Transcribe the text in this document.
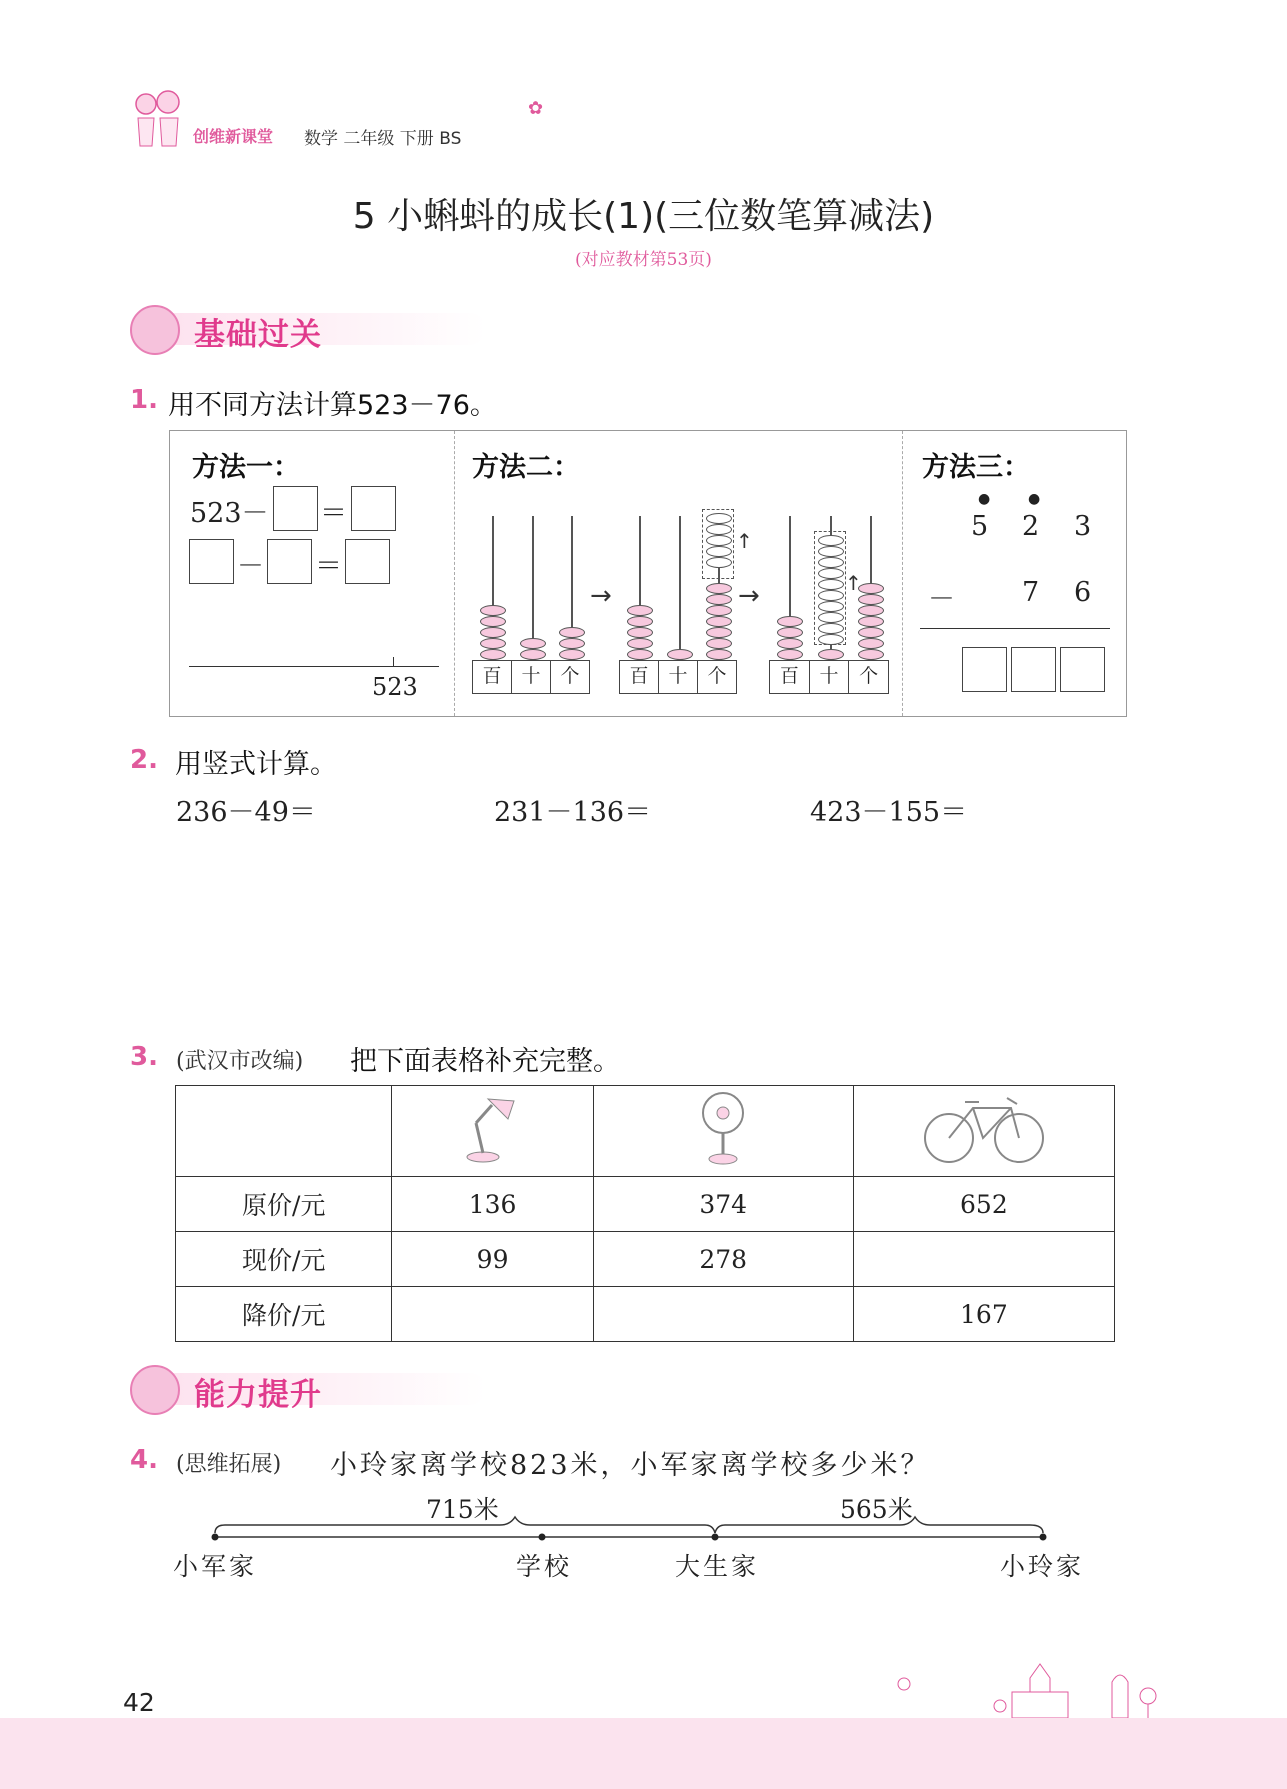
创维新课堂 数学 二年级 下册 BS
✿
5 小蝌蚪的成长(1)(三位数笔算减法)
(对应教材第53页)
基础过关
1. 用不同方法计算523－76。
方法一：
523－ ＝
－ ＝
523
方法二：
百	十	个
→
↑
百	十	个
→	↑
百	十	个
方法三：
●	●
5 2 3
－ 7 6
2. 用竖式计算。
236－49＝	231－136＝	423－155＝
3. (武汉市改编) 把下面表格补充完整。

原价/元	136	374	652
现价/元	99	278	
降价/元			167
能力提升
4. (思维拓展) 小玲家离学校823米，小军家离学校多少米？
715米	565米
小军家	学校	大生家	小玲家
42
